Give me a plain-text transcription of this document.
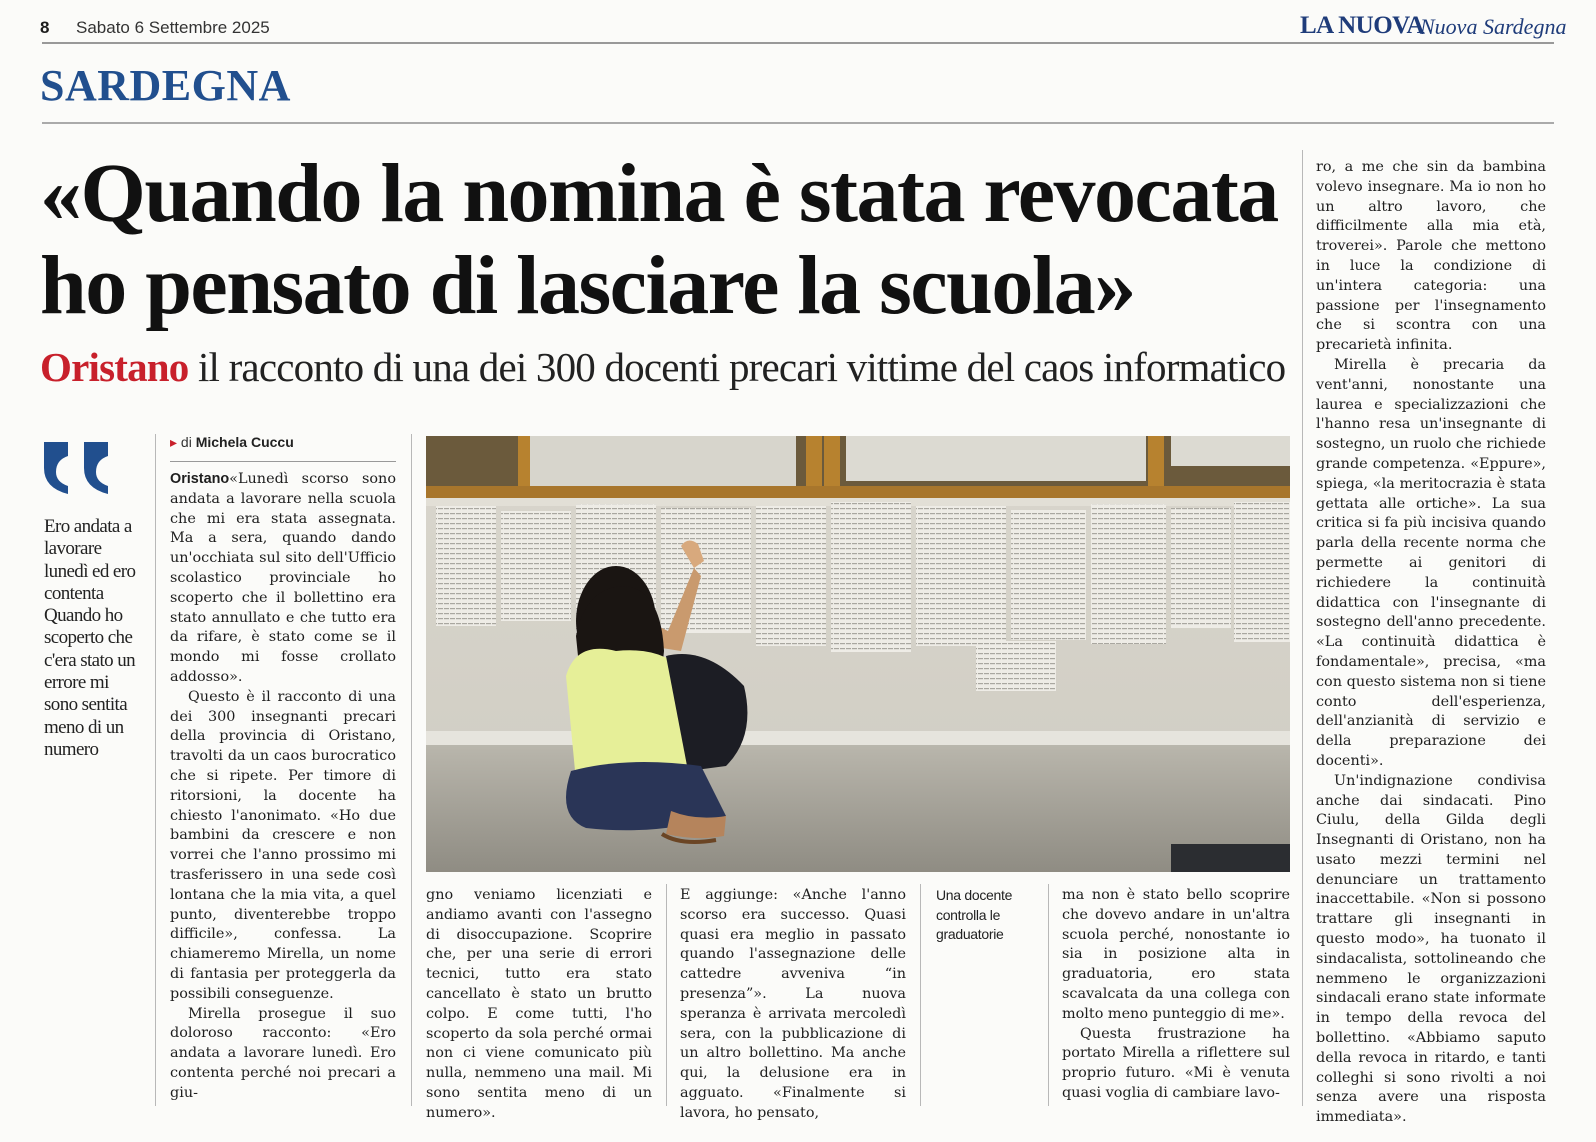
8 Sabato 6 Settembre 2025	LA NUOVA
Nuova Sardegna
SARDEGNA
«Quando la nomina è stata revocata
ho pensato di lasciare la scuola»
Oristano il racconto di una dei 300 docenti precari vittime del caos informatico
Ero andata a lavorare lunedì ed ero contenta Quando ho scoperto che c'era stato un errore mi sono sentita meno di un numero
▸ di Michela Cuccu

Oristano«Lunedì scorso sono andata a lavorare nella scuola che mi era stata assegnata. Ma a sera, quando dando un'occhiata sul sito dell'Ufficio scolastico provinciale ho scoperto che il bollettino era stato annullato e che tutto era da rifare, è stato come se il mondo mi fosse crollato addosso».

Questo è il racconto di una dei 300 insegnanti precari della provincia di Oristano, travolti da un caos burocratico che si ripete. Per timore di ritorsioni, la docente ha chiesto l'anonimato. «Ho due bambini da crescere e non vorrei che l'anno prossimo mi trasferissero in una sede così lontana che la mia vita, a quel punto, diventerebbe troppo difficile», confessa. La chiameremo Mirella, un nome di fantasia per proteggerla da possibili conseguenze.

Mirella prosegue il suo doloroso racconto: «Ero andata a lavorare lunedì. Ero contenta perché noi precari a giu-

gno veniamo licenziati e andiamo avanti con l'assegno di disoccupazione. Scoprire che, per una serie di errori tecnici, tutto era stato cancellato è stato un brutto colpo. E come tutti, l'ho scoperto da sola perché ormai non ci viene comunicato più nulla, nemmeno una mail. Mi sono sentita meno di un numero».

E aggiunge: «Anche l'anno scorso era successo. Quasi quasi era meglio in passato quando l'assegnazione delle cattedre avveniva “in presenza”». La nuova speranza è arrivata mercoledì sera, con la pubblicazione di un altro bollettino. Ma anche qui, la delusione era in agguato. «Finalmente si lavora, ho pensato,

Una docente controlla le graduatorie

ma non è stato bello scoprire che dovevo andare in un'altra scuola perché, nonostante io sia in posizione alta in graduatoria, ero stata scavalcata da una collega con molto meno punteggio di me».

Questa frustrazione ha portato Mirella a riflettere sul proprio futuro. «Mi è venuta quasi voglia di cambiare lavo-

ro, a me che sin da bambina volevo insegnare. Ma io non ho un altro lavoro, che difficilmente alla mia età, troverei». Parole che mettono in luce la condizione di un'intera categoria: una passione per l'insegnamento che si scontra con una precarietà infinita.

Mirella è precaria da vent'anni, nonostante una laurea e specializzazioni che l'hanno resa un'insegnante di sostegno, un ruolo che richiede grande competenza. «Eppure», spiega, «la meritocrazia è stata gettata alle ortiche». La sua critica si fa più incisiva quando parla della recente norma che permette ai genitori di richiedere la continuità didattica con l'insegnante di sostegno dell'anno precedente. «La continuità didattica è fondamentale», precisa, «ma con questo sistema non si tiene conto dell'esperienza, dell'anzianità di servizio e della preparazione dei docenti».

Un'indignazione condivisa anche dai sindacati. Pino Ciulu, della Gilda degli Insegnanti di Oristano, non ha usato mezzi termini nel denunciare un trattamento inaccettabile. «Non si possono trattare gli insegnanti in questo modo», ha tuonato il sindacalista, sottolineando che nemmeno le organizzazioni sindacali erano state informate in tempo della revoca del bollettino. «Abbiamo saputo della revoca in ritardo, e tanti colleghi si sono rivolti a noi senza avere una risposta immediata».
